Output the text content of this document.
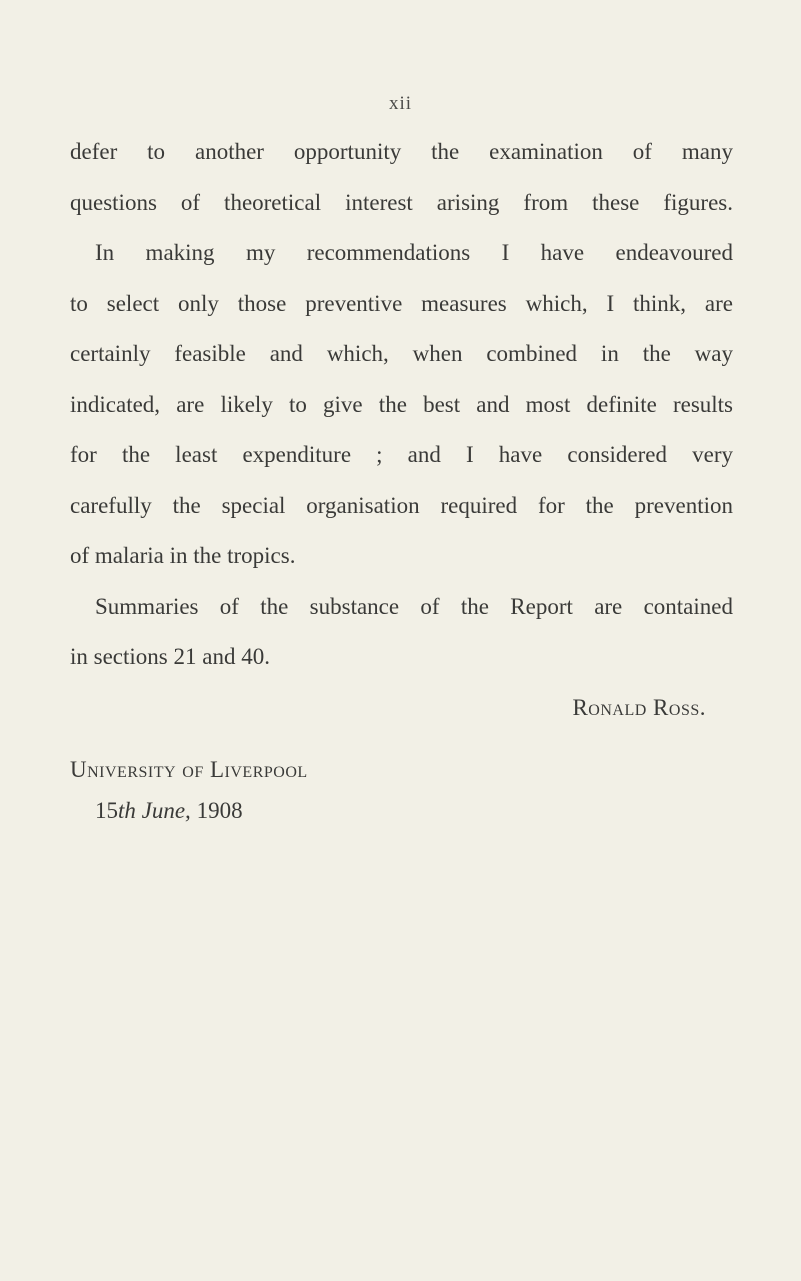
xii
defer to another opportunity the examination of many
questions of theoretical interest arising from these figures.
In making my recommendations I have endeavoured
to select only those preventive measures which, I think, are
certainly feasible and which, when combined in the way
indicated, are likely to give the best and most definite results
for the least expenditure ; and I have considered very
carefully the special organisation required for the prevention
of malaria in the tropics.
Summaries of the substance of the Report are contained
in sections 21 and 40.
Ronald Ross.
University of Liverpool
15th June, 1908
